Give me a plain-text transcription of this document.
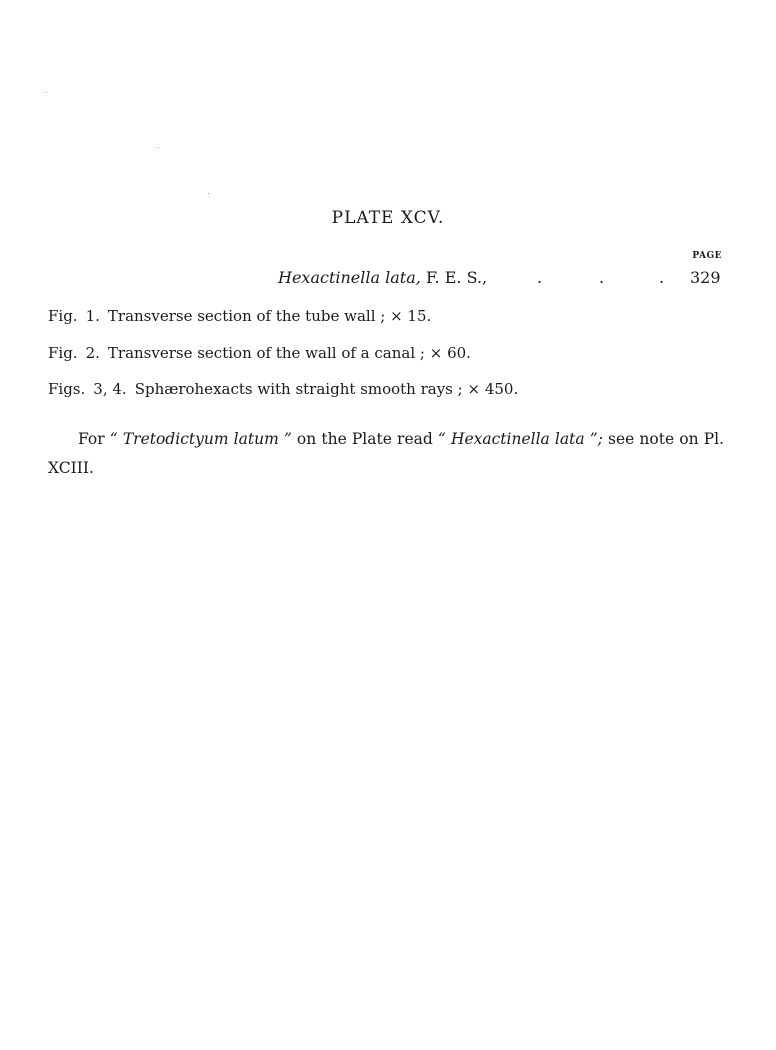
PLATE XCV.
PAGE
Hexactinella lata, F. E. S.,	.	.	. 329
Fig. 1. Transverse section of the tube wall ; × 15.
Fig. 2. Transverse section of the wall of a canal ; × 60.
Figs. 3, 4. Sphærohexacts with straight smooth rays ; × 450.
For “ Tretodictyum latum ” on the Plate read “ Hexactinella lata ”; see note on Pl. XCIII.
